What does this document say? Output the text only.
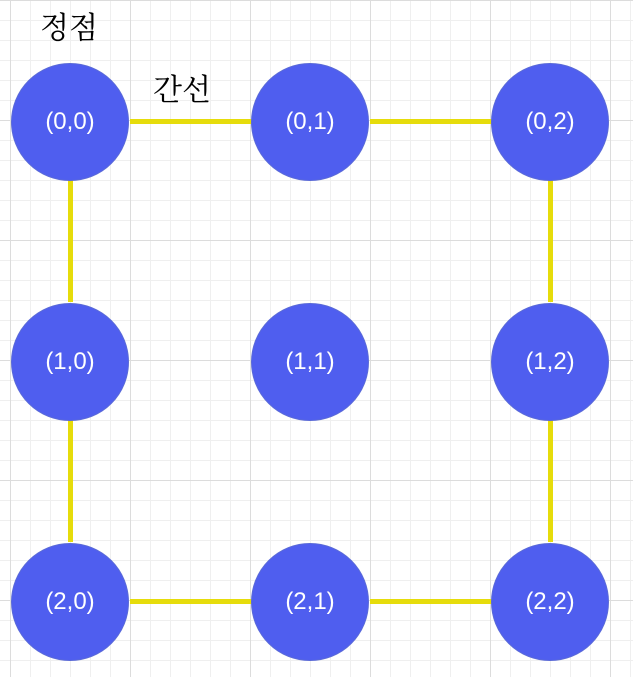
(0,0)	(0,1)	(0,2)
(1,0)	(1,1)	(1,2)
(2,0)	(2,1)	(2,2)
정점
간선
